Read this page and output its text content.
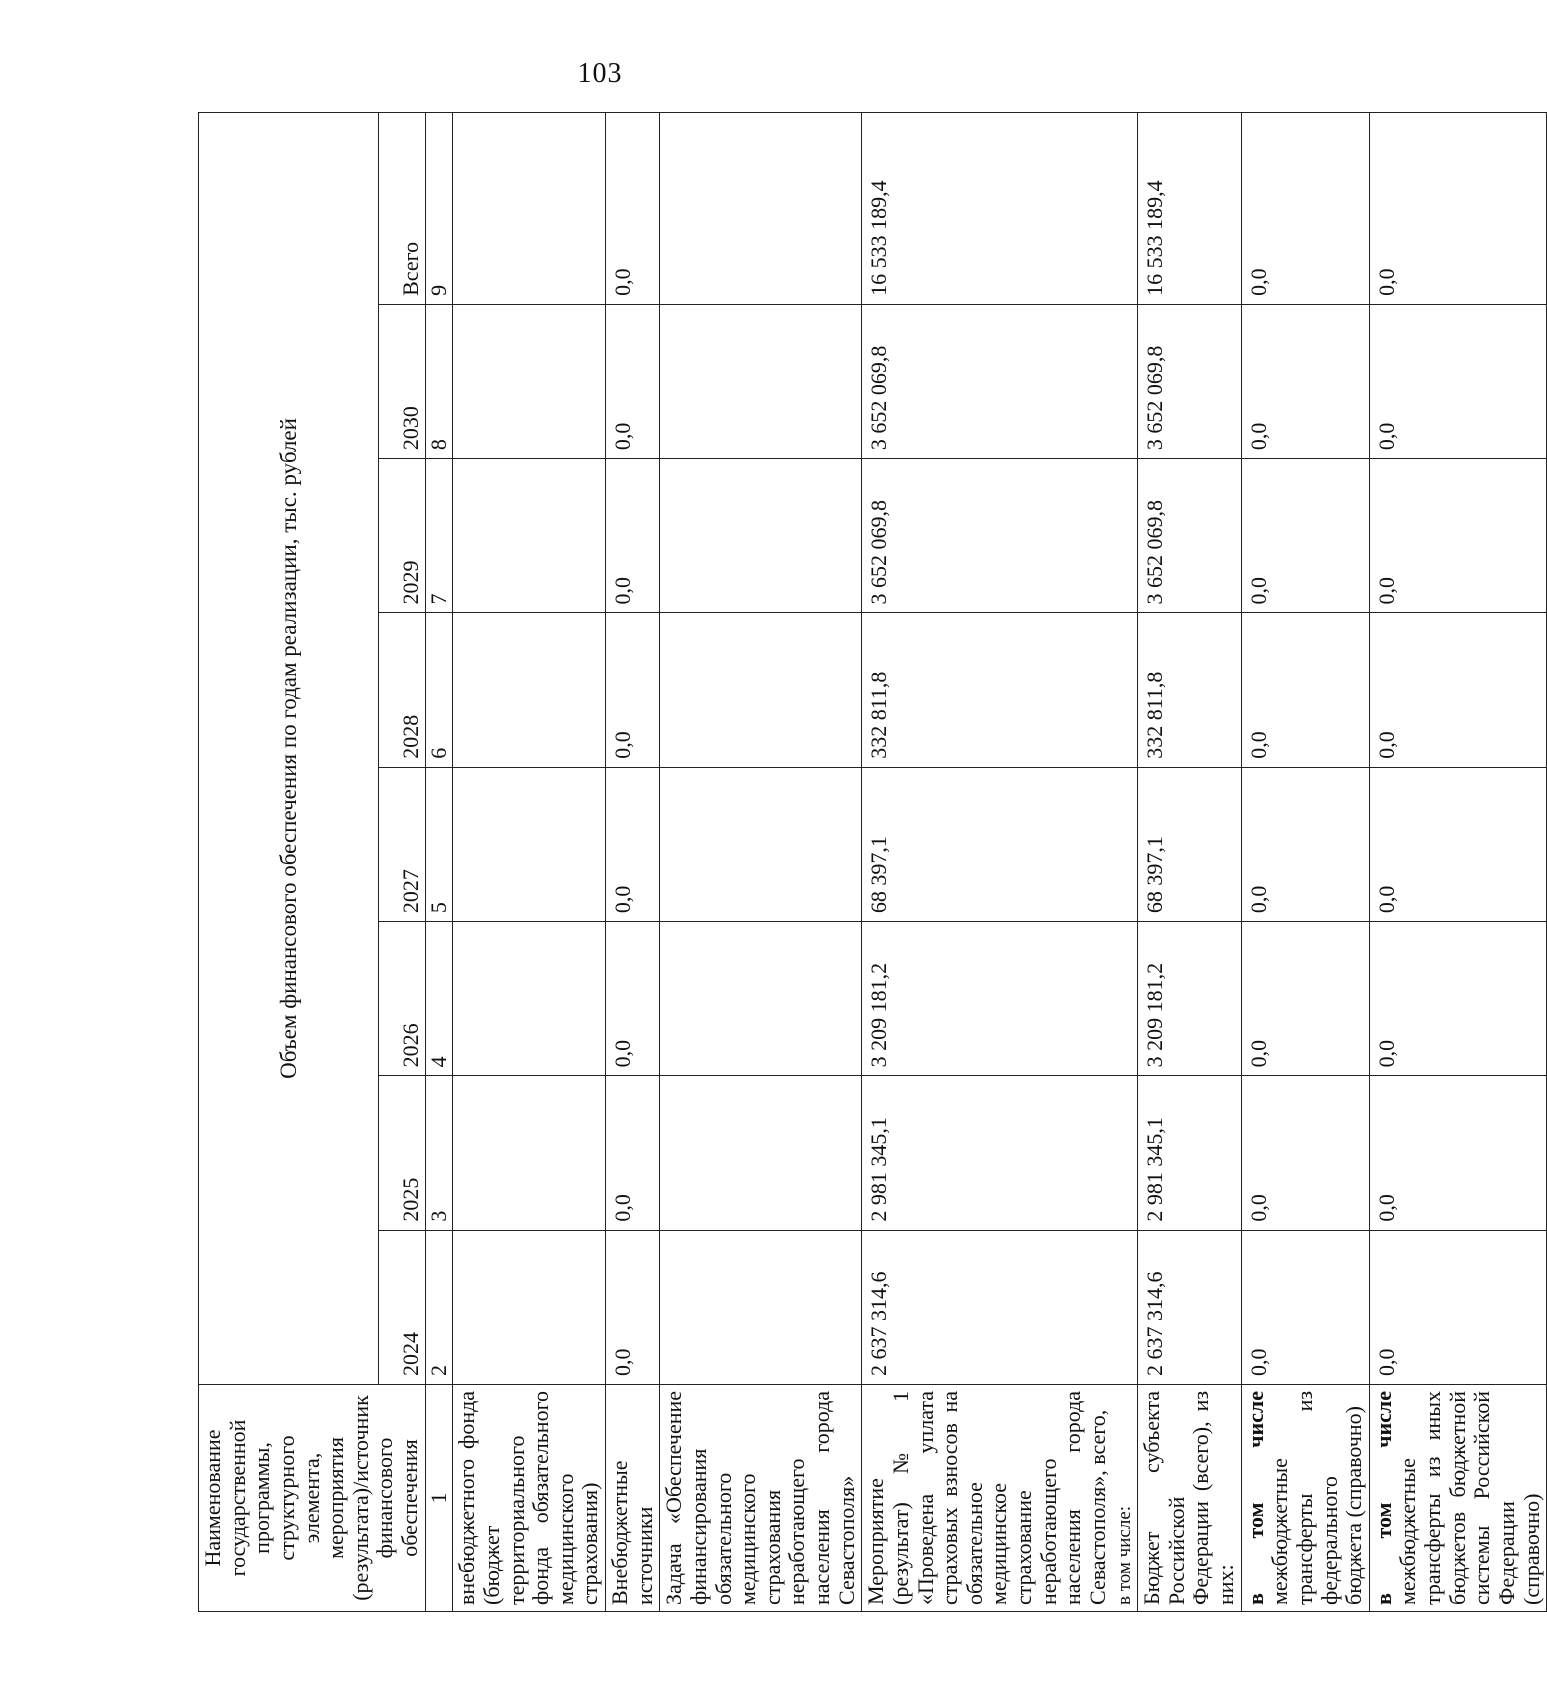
103
Наименование государственной программы, структурного элемента, мероприятия (результата)/источник финансового обеспечения	Объем финансового обеспечения по годам реализации, тыс. рублей							
	2024	2025	2026	2027	2028	2029	2030	Всего
1	2	3	4	5	6	7	8	9
внебюджетного фонда (бюджет территориального фонда обязательного медицинского страхования)								
Внебюджетные источники	0,0	0,0	0,0	0,0	0,0	0,0	0,0	0,0
Задача «Обеспечение финансирования обязательного медицинского страхования неработающего населения города Севастополя»								
Мероприятие (результат) № 1 «Проведена уплата страховых взносов на обязательное медицинское страхование неработающего населения города Севастополя», всего, в том числе:	2 637 314,6	2 981 345,1	3 209 181,2	68 397,1	332 811,8	3 652 069,8	3 652 069,8	16 533 189,4
Бюджет субъекта Российской Федерации (всего), из них:	2 637 314,6	2 981 345,1	3 209 181,2	68 397,1	332 811,8	3 652 069,8	3 652 069,8	16 533 189,4
в том числе межбюджетные трансферты из федерального бюджета (справочно)	0,0	0,0	0,0	0,0	0,0	0,0	0,0	0,0
в том числе межбюджетные трансферты из иных бюджетов бюджетной системы Российской Федерации (справочно)	0,0	0,0	0,0	0,0	0,0	0,0	0,0	0,0
